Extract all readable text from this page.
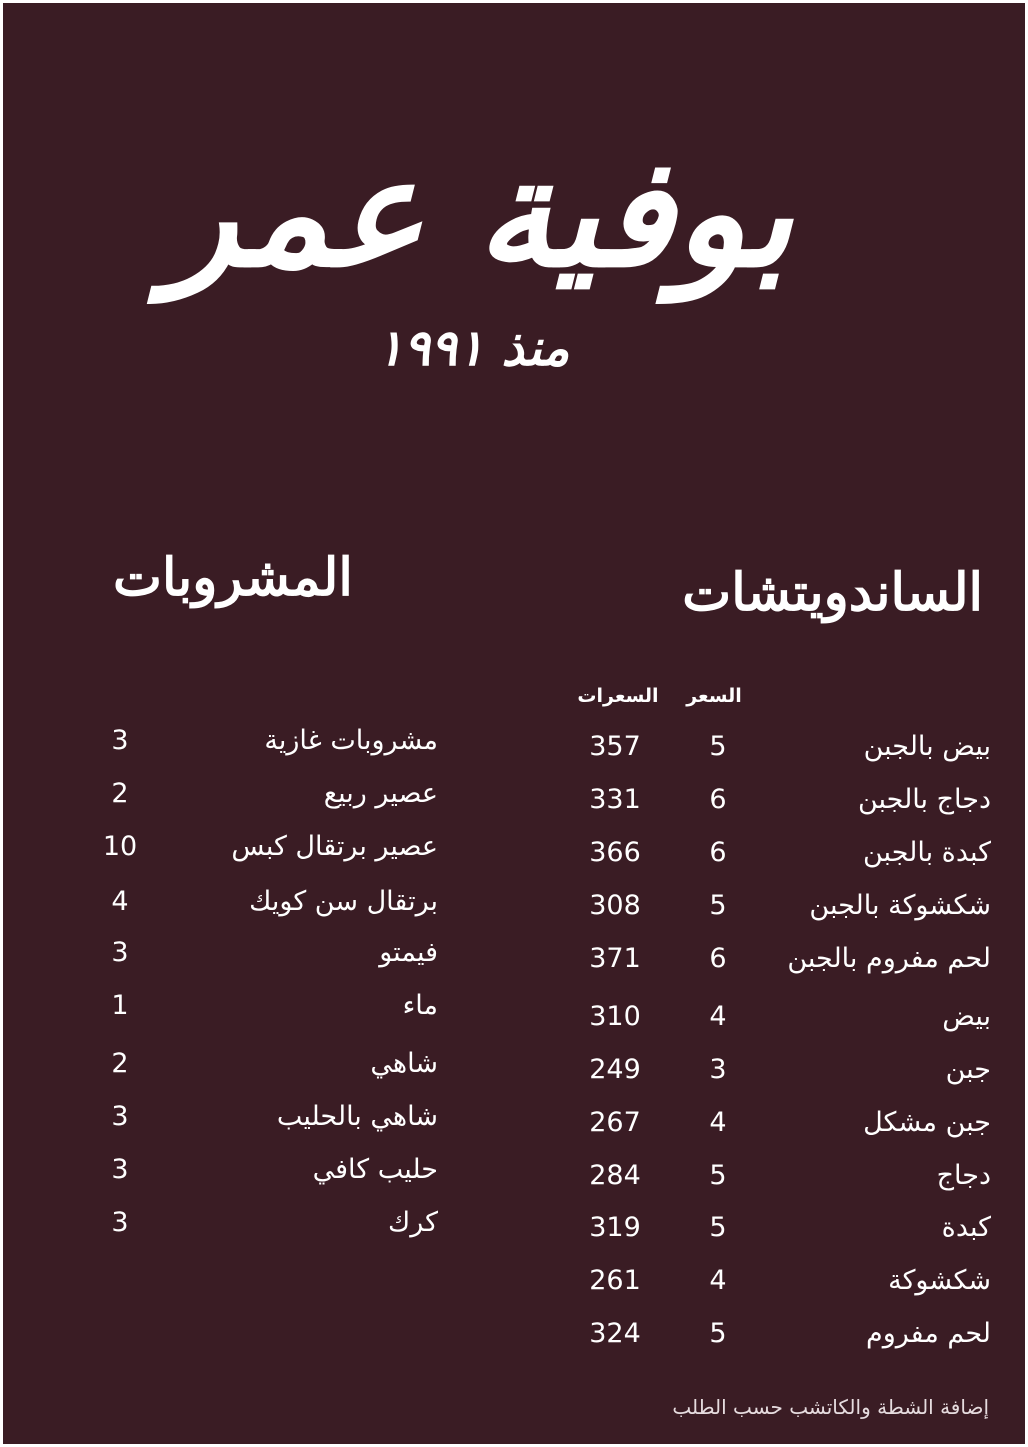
بوفية عمر
منذ ١٩٩١
الساندويتشات
المشروبات
السعر
السعرات
بيض بالجبن
5
357
دجاج بالجبن
6
331
كبدة بالجبن
6
366
شكشوكة بالجبن
5
308
لحم مفروم بالجبن
6
371
بيض
4
310
جبن
3
249
جبن مشكل
4
267
دجاج
5
284
كبدة
5
319
شكشوكة
4
261
لحم مفروم
5
324
مشروبات غازية
3
عصير ربيع
2
عصير برتقال كبس
10
برتقال سن كويك
4
فيمتو
3
ماء
1
شاهي
2
شاهي بالحليب
3
حليب كافي
3
كرك
3
إضافة الشطة والكاتشب حسب الطلب
